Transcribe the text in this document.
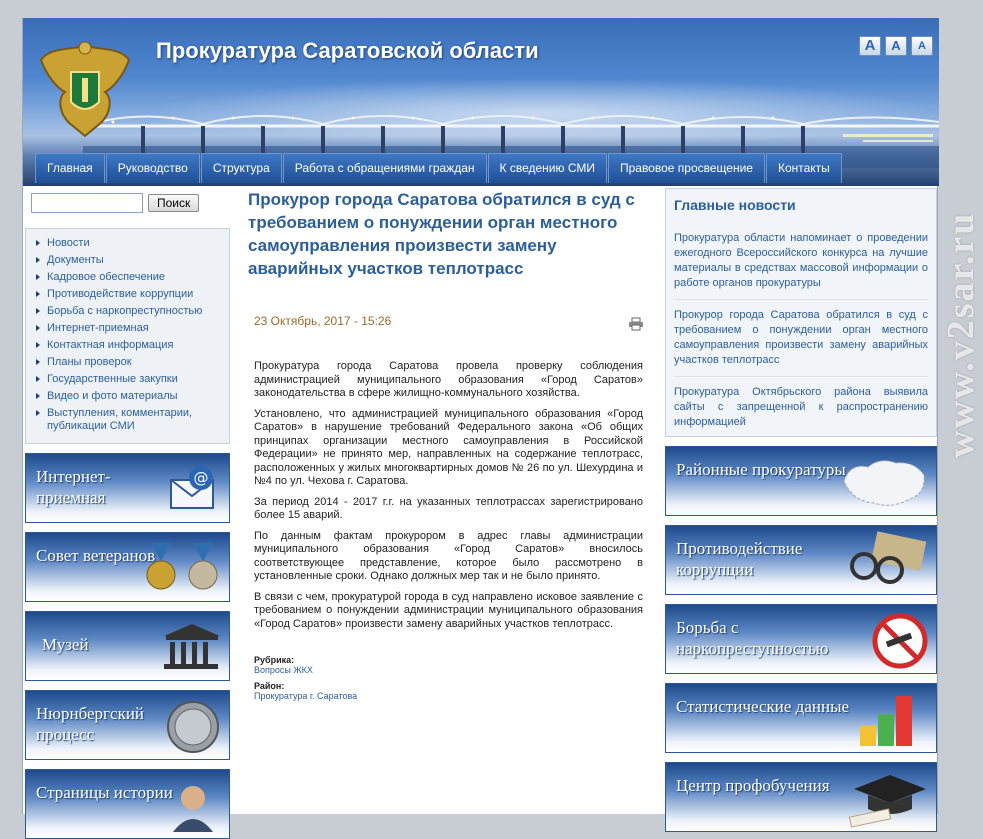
Прокуратура Саратовской области	A	A	A
Главная	Руководство	Структура	Работа с обращениями граждан	К сведению СМИ	Правовое просвещение	Контакты
Поиск
Новости
Документы
Кадровое обеспечение
Противодействие коррупции
Борьба с наркопреступностью
Интернет-приемная
Контактная информация
Планы проверок
Государственные закупки
Видео и фото материалы
Выступления, комментарии, публикации СМИ
Интернет-приемная
@
Совет ветеранов
Музей
Нюрнбергский процесс
Страницы истории
Прокурор города Саратова обратился в суд с требованием о понуждении орган местного самоуправления произвести замену аварийных участков теплотрасс
23 Октябрь, 2017 - 15:26

Прокуратура города Саратова провела проверку соблюдения администрацией муниципального образования «Город Саратов» законодательства в сфере жилищно-коммунального хозяйства.

Установлено, что администрацией муниципального образования «Город Саратов» в нарушение требований Федерального закона «Об общих принципах организации местного самоуправления в Российской Федерации» не принято мер, направленных на содержание теплотрасс, расположенных у жилых многоквартирных домов № 26 по ул. Шехурдина и №4 по ул. Чехова г. Саратова.

За период 2014 - 2017 г.г. на указанных теплотрассах зарегистрировано более 15 аварий.

По данным фактам прокурором в адрес главы администрации муниципального образования «Город Саратов» вносилось соответствующее представление, которое было рассмотрено в установленные сроки. Однако должных мер так и не было принято.

В связи с чем, прокуратурой города в суд направлено исковое заявление с требованием о понуждении администрации муниципального образования «Город Саратов» произвести замену аварийных участков теплотрасс.

Рубрика:
Вопросы ЖКХ
Район:
Прокуратура г. Саратова
Главные новости
Прокуратура области напоминает о проведении ежегодного Всероссийского конкурса на лучшие материалы в средствах массовой информации о работе органов прокуратуры
Прокурор города Саратова обратился в суд с требованием о понуждении орган местного самоуправления произвести замену аварийных участков теплотрасс
Прокуратура Октябрьского района выявила сайты с запрещенной к распространению информацией
Районные прокуратуры
Противодействие коррупции
Борьба с наркопреступностью
Статистические данные
Центр профобучения
www.v2sar.ru
